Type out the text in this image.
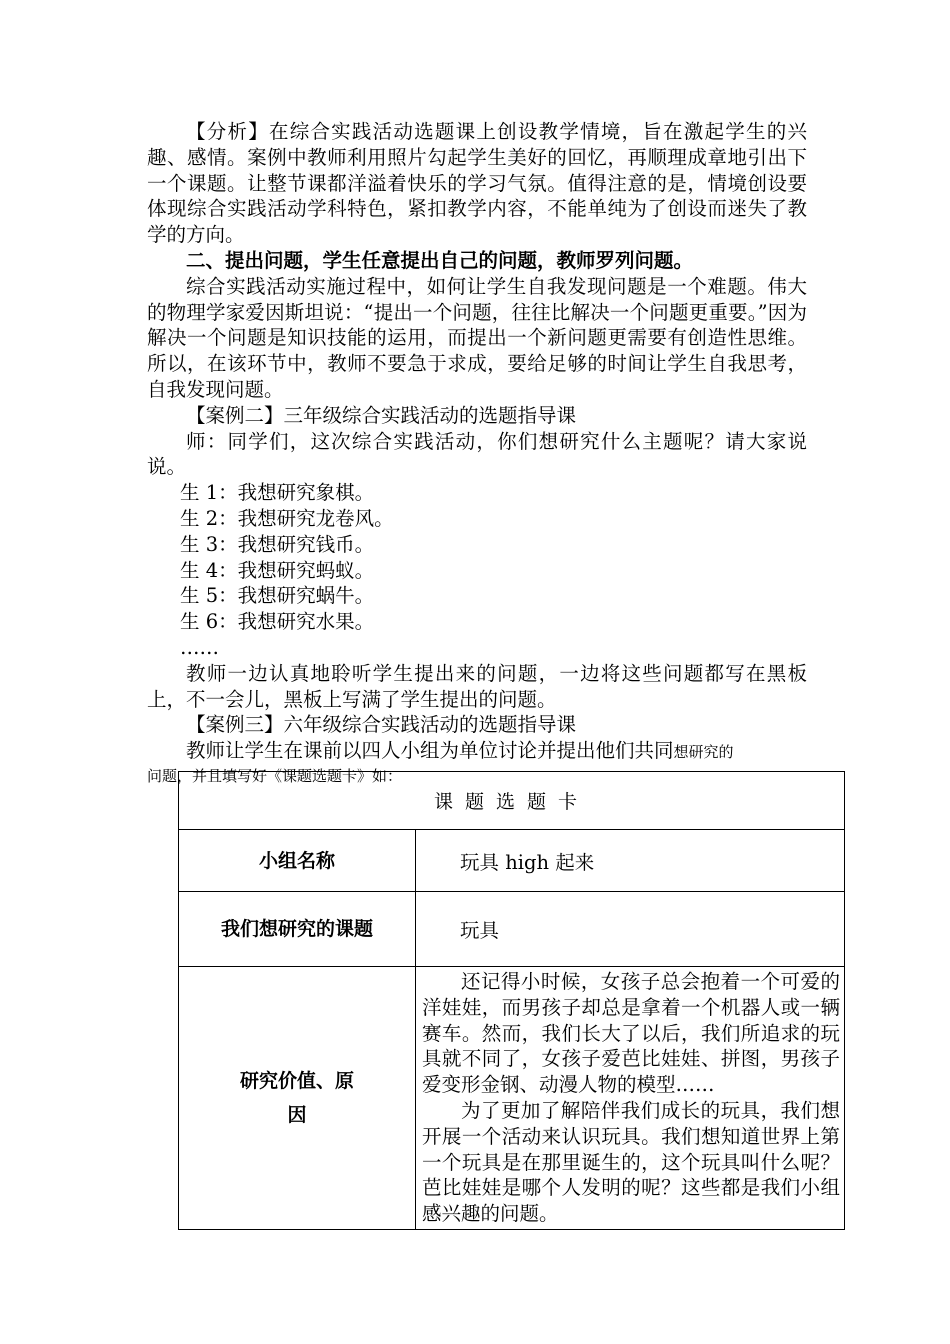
【分析】在综合实践活动选题课上创设教学情境，旨在激起学生的兴趣、感情。案例中教师利用照片勾起学生美好的回忆，再顺理成章地引出下一个课题。让整节课都洋溢着快乐的学习气氛。值得注意的是，情境创设要体现综合实践活动学科特色，紧扣教学内容，不能单纯为了创设而迷失了教学的方向。

二、提出问题，学生任意提出自己的问题，教师罗列问题。

综合实践活动实施过程中，如何让学生自我发现问题是一个难题。伟大的物理学家爱因斯坦说：“提出一个问题，往往比解决一个问题更重要。”因为解决一个问题是知识技能的运用，而提出一个新问题更需要有创造性思维。所以，在该环节中，教师不要急于求成，要给足够的时间让学生自我思考，自我发现问题。

【案例二】三年级综合实践活动的选题指导课

师：同学们，这次综合实践活动，你们想研究什么主题呢？请大家说说。

生 1：我想研究象棋。

生 2：我想研究龙卷风。

生 3：我想研究钱币。

生 4：我想研究蚂蚁。

生 5：我想研究蜗牛。

生 6：我想研究水果。

……

教师一边认真地聆听学生提出来的问题，一边将这些问题都写在黑板上，不一会儿，黑板上写满了学生提出的问题。

【案例三】六年级综合实践活动的选题指导课

教师让学生在课前以四人小组为单位讨论并提出他们共同想研究的

问题，并且填写好《课题选题卡》如：

课题选题卡	
小组名称	玩具 high 起来
我们想研究的课题	玩具
研究价值、原因	还记得小时候，女孩子总会抱着一个可爱的洋娃娃，而男孩子却总是拿着一个机器人或一辆赛车。然而，我们长大了以后，我们所追求的玩具就不同了，女孩子爱芭比娃娃、拼图，男孩子爱变形金钢、动漫人物的模型……

为了更加了解陪伴我们成长的玩具，我们想开展一个活动来认识玩具。我们想知道世界上第一个玩具是在那里诞生的，这个玩具叫什么呢？芭比娃娃是哪个人发明的呢？这些都是我们小组感兴趣的问题。
